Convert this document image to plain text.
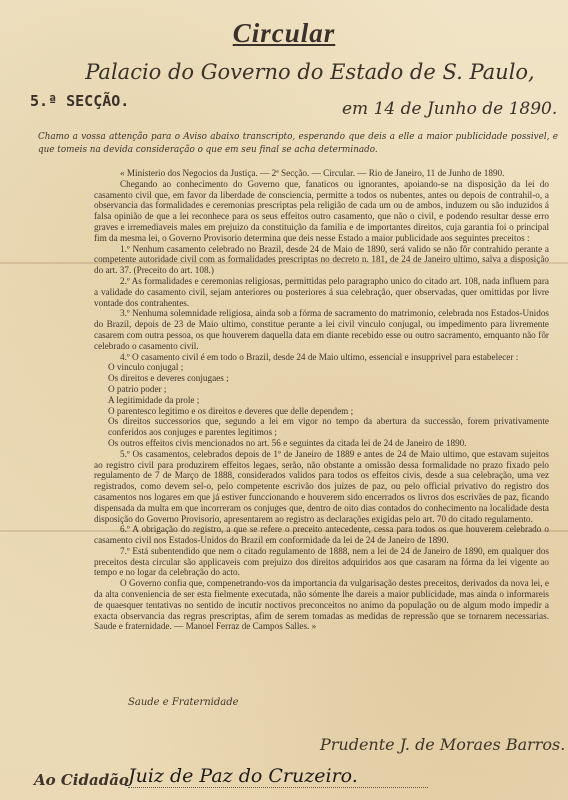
Circular
Palacio do Governo do Estado de S. Paulo,
5.ª SECÇÃO.	em 14 de Junho de 1890.
Chamo a vossa attenção para o Aviso abaixo transcripto, esperando que deis a elle a maior publicidade possivel, e que tomeis na devida consideração o que em seu final se acha determinado.

« Ministerio dos Negocios da Justiça. — 2ª Secção. — Circular. — Rio de Janeiro, 11 de Junho de 1890.

Chegando ao conhecimento do Governo que, fanaticos ou ignorantes, apoiando-se na disposição da lei do casamento civil que, em favor da liberdade de consciencia, permitte a todos os nubentes, antes ou depois de contrahil-o, a observancia das formalidades e ceremonias prescriptas pela religião de cada um ou de ambos, induzem ou são induzidos á falsa opinião de que a lei reconhece para os seus effeitos outro casamento, que não o civil, e podendo resultar desse erro graves e irremediaveis males em prejuizo da constituição da familia e de importantes direitos, cuja garantia foi o principal fim da mesma lei, o Governo Provisorio determina que deis nesse Estado a maior publicidade aos seguintes preceitos :

1.º Nenhum casamento celebrado no Brazil, desde 24 de Maio de 1890, será valido se não fôr contrahido perante a competente autoridade civil com as formalidades prescriptas no decreto n. 181, de 24 de Janeiro ultimo, salva a disposição do art. 37. (Preceito do art. 108.)

2.º As formalidades e ceremonias religiosas, permittidas pelo paragrapho unico do citado art. 108, nada influem para a validade do casamento civil, sejam anteriores ou posteriores á sua celebração, quer observadas, quer omittidas por livre vontade dos contrahentes.

3.º Nenhuma solemnidade religiosa, ainda sob a fórma de sacramento do matrimonio, celebrada nos Estados-Unidos do Brazil, depois de 23 de Maio ultimo, constitue perante a lei civil vinculo conjugal, ou impedimento para livremente casarem com outra pessoa, os que houverem daquella data em diante recebido esse ou outro sacramento, emquanto não fôr celebrado o casamento civil.

4.º O casamento civil é em todo o Brazil, desde 24 de Maio ultimo, essencial e insupprivel para estabelecer :

O vinculo conjugal ;

Os direitos e deveres conjugaes ;

O patrio poder ;

A legitimidade da prole ;

O parentesco legitimo e os direitos e deveres que delle dependem ;

Os direitos successorios que, segundo a lei em vigor no tempo da abertura da successão, forem privativamente conferidos aos conjuges e parentes legitimos ;

Os outros effeitos civis mencionados no art. 56 e seguintes da citada lei de 24 de Janeiro de 1890.

5.º Os casamentos, celebrados depois de 1º de Janeiro de 1889 e antes de 24 de Maio ultimo, que estavam sujeitos ao registro civil para produzirem effeitos legaes, serão, não obstante a omissão dessa formalidade no prazo fixado pelo regulamento de 7 de Março de 1888, considerados validos para todos os effeitos civis, desde a sua celebração, uma vez registrados, como devem sel-o, pelo competente escrivão dos juizes de paz, ou pelo official privativo do registro dos casamentos nos logares em que já estiver funccionando e houverem sido encerrados os livros dos escrivães de paz, ficando dispensada da multa em que incorreram os conjuges que, dentro de oito dias contados do conhecimento na localidade desta disposição do Governo Provisorio, apresentarem ao registro as declarações exigidas pelo art. 70 do citado regulamento.

6.º A obrigação do registro, a que se refere o preceito antecedente, cessa para todos os que houverem celebrado o casamento civil nos Estados-Unidos do Brazil em conformidade da lei de 24 de Janeiro de 1890.

7.º Está subentendido que nem o citado regulamento de 1888, nem a lei de 24 de Janeiro de 1890, em qualquer dos preceitos desta circular são applicaveis com prejuizo dos direitos adquiridos aos que casaram na fórma da lei vigente ao tempo e no logar da celebração do acto.

O Governo confia que, compenetrando-vos da importancia da vulgarisação destes preceitos, derivados da nova lei, e da alta conveniencia de ser esta fielmente executada, não sómente lhe dareis a maior publicidade, mas ainda o informareis de quaesquer tentativas no sentido de incutir noctivos preconceitos no animo da população ou de algum modo impedir a exacta observancia das regras prescriptas, afim de serem tomadas as medidas de repressão que se tornarem necessarias. Saude e fraternidade. — Manoel Ferraz de Campos Salles. »

Saude e Fraternidade
Prudente J. de Moraes Barros.
Ao Cidadão Juiz de Paz do Cruzeiro.
